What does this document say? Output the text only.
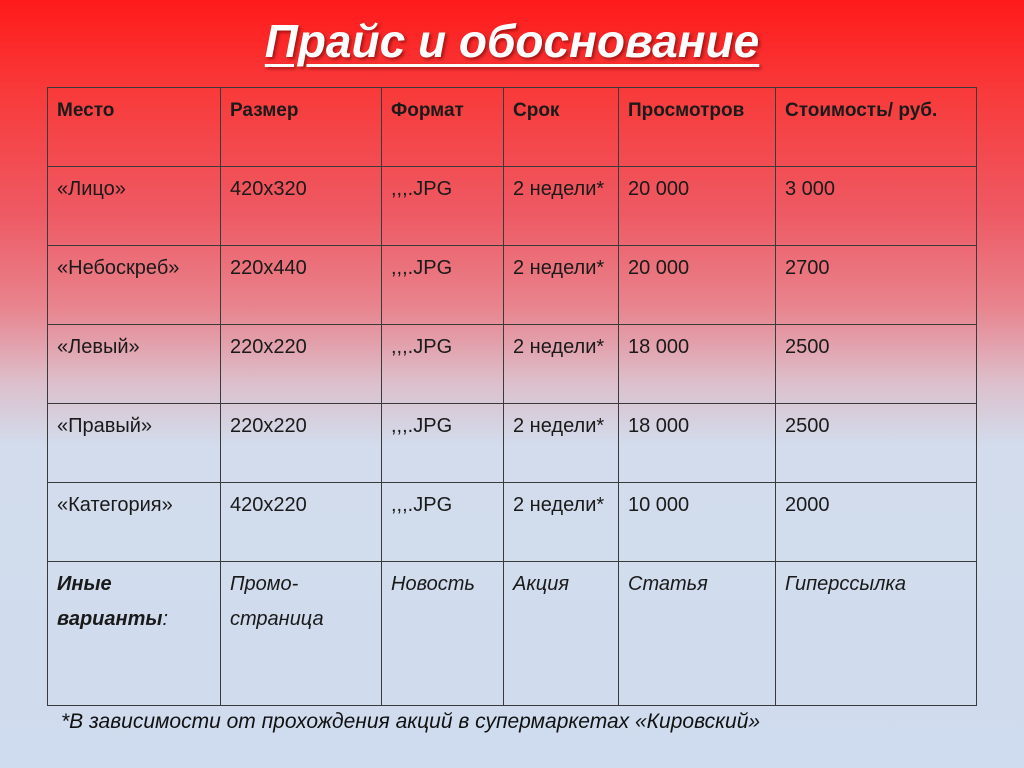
Прайс и обоснование
Место	Размер	Формат	Срок	Просмотров	Стоимость/ руб.
«Лицо»	420x320	,,,.JPG	2 недели*	20 000	3 000
«Небоскреб»	220x440	,,,.JPG	2 недели*	20 000	2700
«Левый»	220x220	,,,.JPG	2 недели*	18 000	2500
«Правый»	220x220	,,,.JPG	2 недели*	18 000	2500
«Категория»	420x220	,,,.JPG	2 недели*	10 000	2000
Иные варианты:	Промо-страница	Новость	Акция	Статья	Гиперссылка

*В зависимости от прохождения акций в супермаркетах «Кировский»
